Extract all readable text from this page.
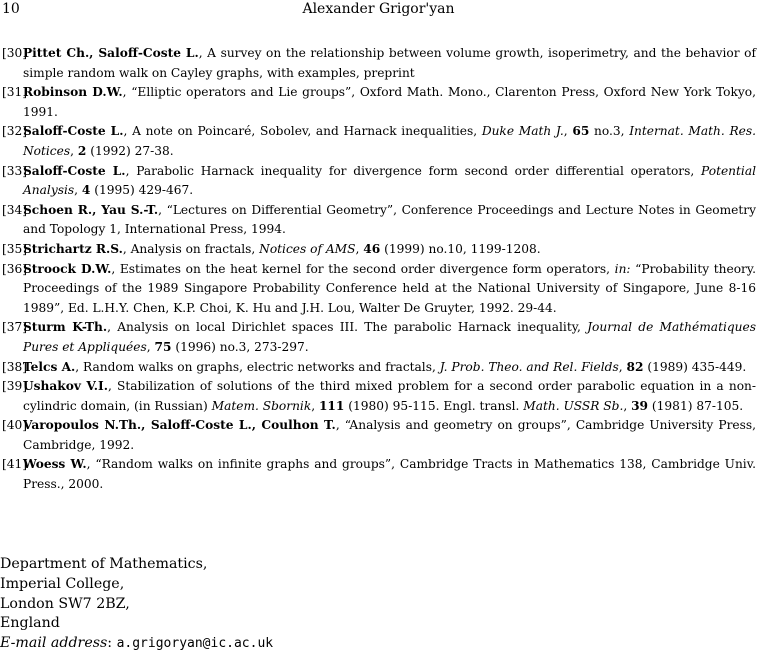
10	Alexander Grigor'yan
[30]
Pittet Ch., Saloff-Coste L., A survey on the relationship between volume growth, isoperimetry, and the behavior of simple random walk on Cayley graphs, with examples, preprint
[31]
Robinson D.W., “Elliptic operators and Lie groups”, Oxford Math. Mono., Clarenton Press, Oxford New York Tokyo, 1991.
[32]
Saloff-Coste L., A note on Poincaré, Sobolev, and Harnack inequalities, Duke Math J., 65 no.3, Internat. Math. Res. Notices, 2 (1992) 27-38.
[33]
Saloff-Coste L., Parabolic Harnack inequality for divergence form second order differential operators, Potential Analysis, 4 (1995) 429-467.
[34]
Schoen R., Yau S.-T., “Lectures on Differential Geometry”, Conference Proceedings and Lecture Notes in Geometry and Topology 1, International Press, 1994.
[35]
Strichartz R.S., Analysis on fractals, Notices of AMS, 46 (1999) no.10, 1199-1208.
[36]
Stroock D.W., Estimates on the heat kernel for the second order divergence form operators, in: “Probability theory. Proceedings of the 1989 Singapore Probability Conference held at the National University of Singapore, June 8-16 1989”, Ed. L.H.Y. Chen, K.P. Choi, K. Hu and J.H. Lou, Walter De Gruyter, 1992. 29-44.
[37]
Sturm K-Th., Analysis on local Dirichlet spaces III. The parabolic Harnack inequality, Journal de Mathématiques Pures et Appliquées, 75 (1996) no.3, 273-297.
[38]
Telcs A., Random walks on graphs, electric networks and fractals, J. Prob. Theo. and Rel. Fields, 82 (1989) 435-449.
[39]
Ushakov V.I., Stabilization of solutions of the third mixed problem for a second order parabolic equation in a non-cylindric domain, (in Russian) Matem. Sbornik, 111 (1980) 95-115. Engl. transl. Math. USSR Sb., 39 (1981) 87-105.
[40]
Varopoulos N.Th., Saloff-Coste L., Coulhon T., “Analysis and geometry on groups”, Cambridge University Press, Cambridge, 1992.
[41]
Woess W., “Random walks on infinite graphs and groups”, Cambridge Tracts in Mathematics 138, Cambridge Univ. Press., 2000.
Department of Mathematics,
Imperial College,
London SW7 2BZ,
England
E-mail address: a.grigoryan@ic.ac.uk
